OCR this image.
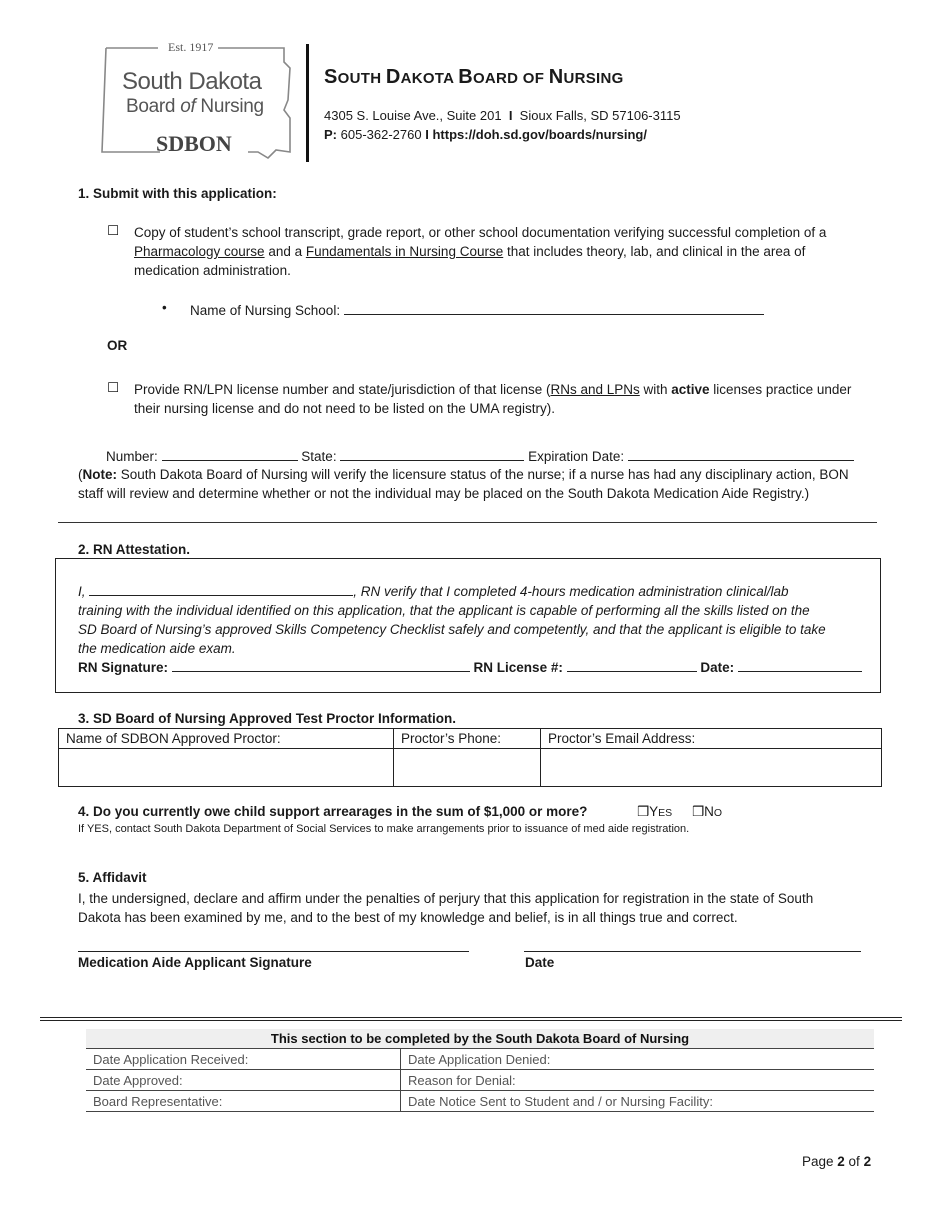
Est. 1917
South Dakota
Board of Nursing
SDBON
SOUTH DAKOTA BOARD OF NURSING
4305 S. Louise Ave., Suite 201 I Sioux Falls, SD 57106-3115
P: 605-362-2760 I https://doh.sd.gov/boards/nursing/
1. Submit with this application:
☐ Copy of student’s school transcript, grade report, or other school documentation verifying successful completion of a
Pharmacology course and a Fundamentals in Nursing Course that includes theory, lab, and clinical in the area of
medication administration.
• Name of Nursing School:
OR
☐ Provide RN/LPN license number and state/jurisdiction of that license (RNs and LPNs with active licenses practice under
their nursing license and do not need to be listed on the UMA registry).
Number:	State:	Expiration Date:
(Note: South Dakota Board of Nursing will verify the licensure status of the nurse; if a nurse has had any disciplinary action, BON
staff will review and determine whether or not the individual may be placed on the South Dakota Medication Aide Registry.)
2. RN Attestation.
I,	, RN verify that I completed 4-hours medication administration clinical/lab
training with the individual identified on this application, that the applicant is capable of performing all the skills listed on the
SD Board of Nursing’s approved Skills Competency Checklist safely and competently, and that the applicant is eligible to take
the medication aide exam.
RN Signature:	RN License #:	Date:
3. SD Board of Nursing Approved Test Proctor Information.
Name of SDBON Approved Proctor:	Proctor’s Phone:	Proctor’s Email Address:

4. Do you currently owe child support arrearages in the sum of $1,000 or more?	❒YES ❒NO
If YES, contact South Dakota Department of Social Services to make arrangements prior to issuance of med aide registration.
5. Affidavit
I, the undersigned, declare and affirm under the penalties of perjury that this application for registration in the state of South
Dakota has been examined by me, and to the best of my knowledge and belief, is in all things true and correct.
Medication Aide Applicant Signature	Date
This section to be completed by the South Dakota Board of Nursing	
Date Application Received:	Date Application Denied:
Date Approved:	Reason for Denial:
Board Representative:	Date Notice Sent to Student and / or Nursing Facility:
Page 2 of 2
